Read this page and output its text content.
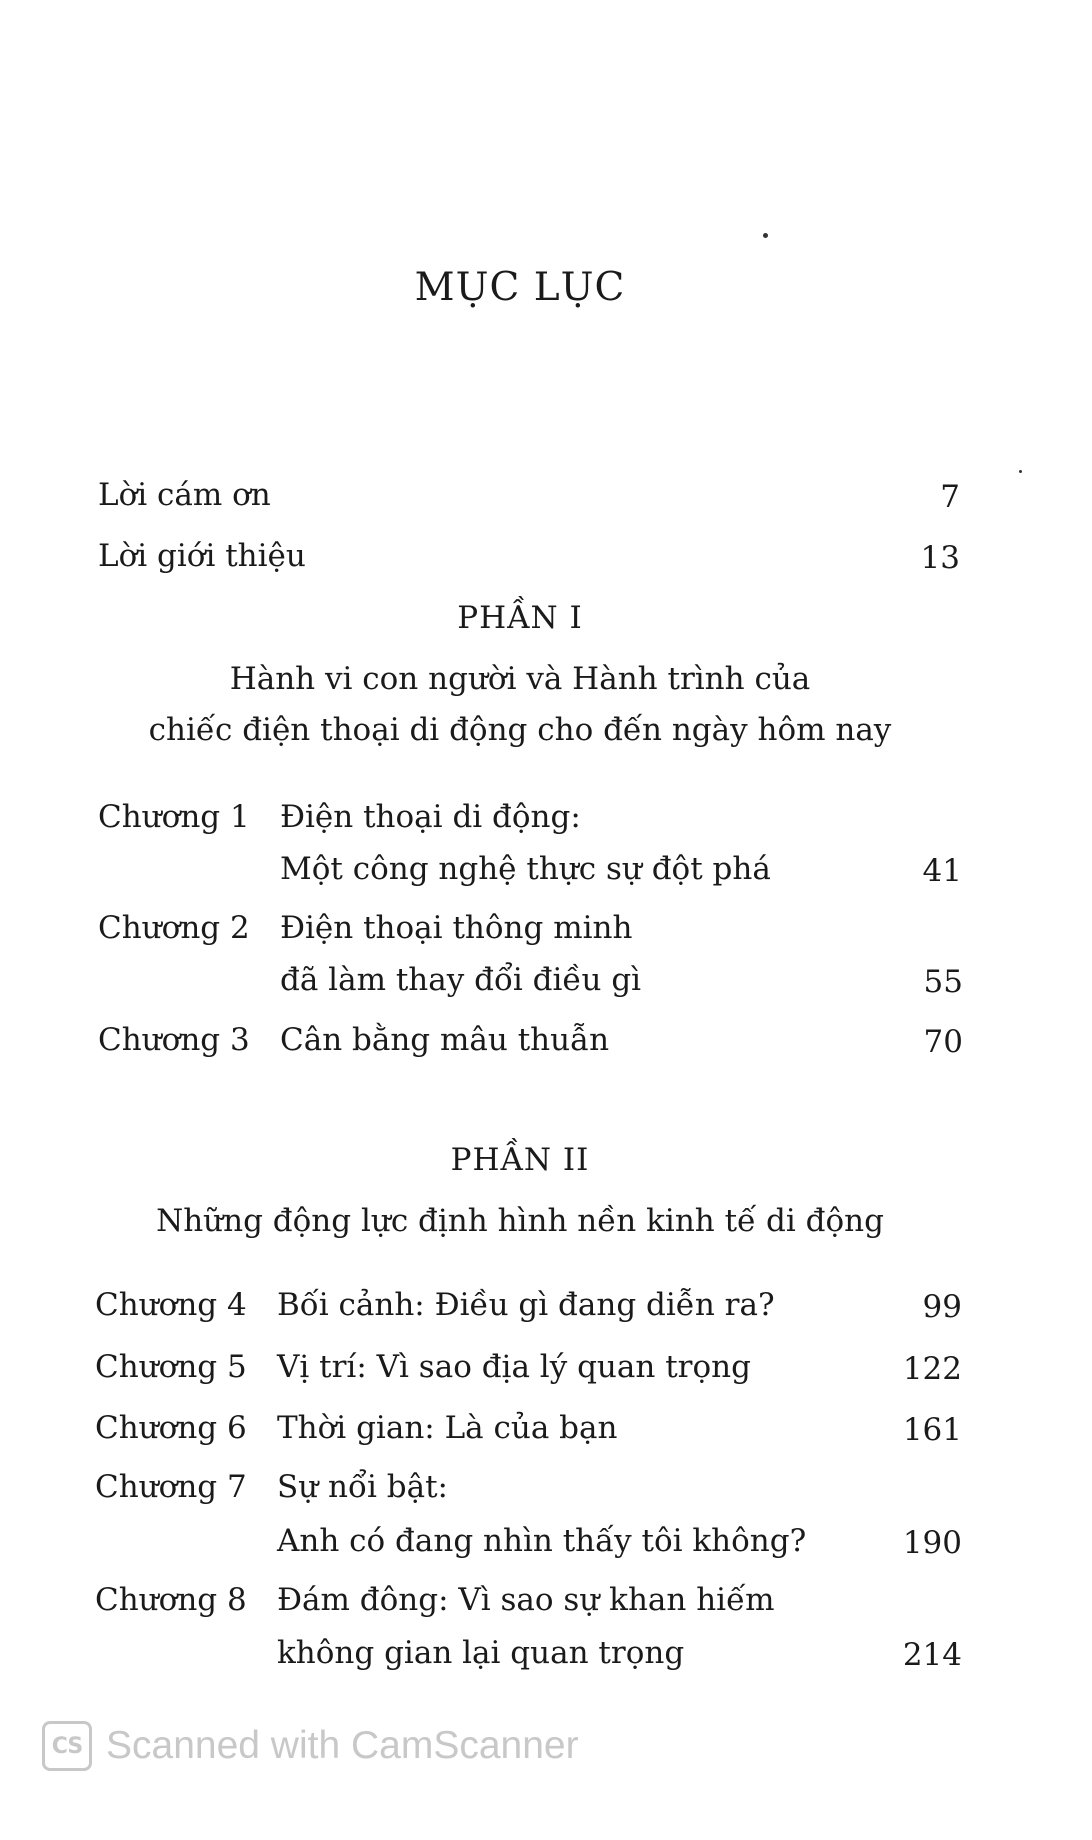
MỤC LỤC
Lời cám ơn	7
Lời giới thiệu	13
PHẦN I
Hành vi con người và Hành trình của
chiếc điện thoại di động cho đến ngày hôm nay
Chương 1 Điện thoại di động:
Một công nghệ thực sự đột phá	41
Chương 2 Điện thoại thông minh
đã làm thay đổi điều gì	55
Chương 3 Cân bằng mâu thuẫn	70
PHẦN II
Những động lực định hình nền kinh tế di động
Chương 4 Bối cảnh: Điều gì đang diễn ra?	99
Chương 5 Vị trí: Vì sao địa lý quan trọng	122
Chương 6 Thời gian: Là của bạn	161
Chương 7 Sự nổi bật:
Anh có đang nhìn thấy tôi không?	190
Chương 8 Đám đông: Vì sao sự khan hiếm
không gian lại quan trọng	214
CS Scanned with CamScanner
